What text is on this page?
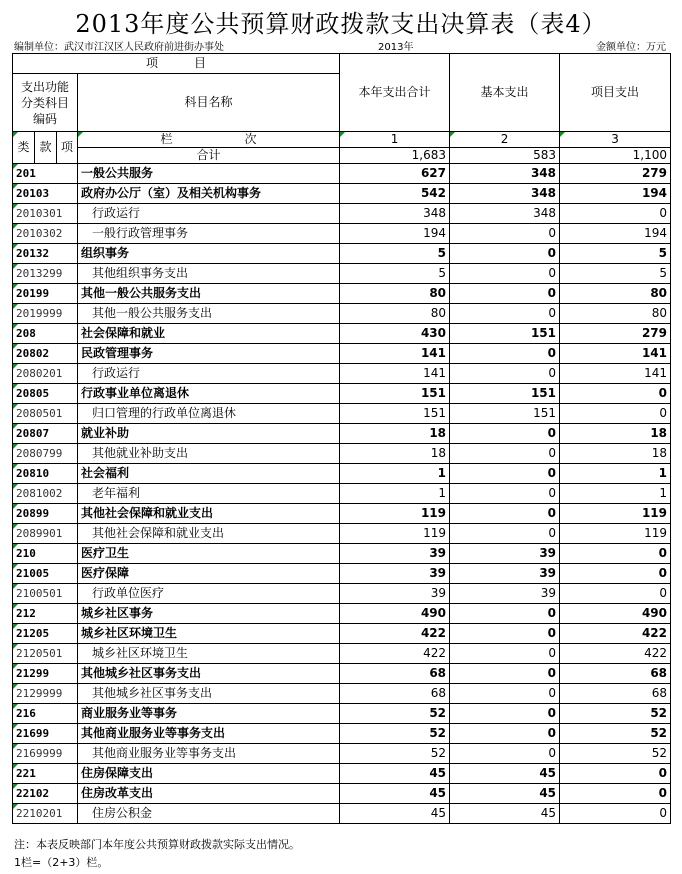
2013年度公共预算财政拨款支出决算表（表4）
编制单位：武汉市江汉区人民政府前进街办事处	2013年	金额单位：万元
项　　　目				本年支出合计	基本支出	项目支出
支出功能分类科目编码			科目名称			

类	款	项	栏　　　　　　次	1	2	3
			合计	1,683	583	1,100
201			一般公共服务	627	348	279
20103			政府办公厅（室）及相关机构事务	542	348	194
2010301			行政运行	348	348	0
2010302			一般行政管理事务	194	0	194
20132			组织事务	5	0	5
2013299			其他组织事务支出	5	0	5
20199			其他一般公共服务支出	80	0	80
2019999			其他一般公共服务支出	80	0	80
208			社会保障和就业	430	151	279
20802			民政管理事务	141	0	141
2080201			行政运行	141	0	141
20805			行政事业单位离退休	151	151	0
2080501			归口管理的行政单位离退休	151	151	0
20807			就业补助	18	0	18
2080799			其他就业补助支出	18	0	18
20810			社会福利	1	0	1
2081002			老年福利	1	0	1
20899			其他社会保障和就业支出	119	0	119
2089901			其他社会保障和就业支出	119	0	119
210			医疗卫生	39	39	0
21005			医疗保障	39	39	0
2100501			行政单位医疗	39	39	0
212			城乡社区事务	490	0	490
21205			城乡社区环境卫生	422	0	422
2120501			城乡社区环境卫生	422	0	422
21299			其他城乡社区事务支出	68	0	68
2129999			其他城乡社区事务支出	68	0	68
216			商业服务业等事务	52	0	52
21699			其他商业服务业等事务支出	52	0	52
2169999			其他商业服务业等事务支出	52	0	52
221			住房保障支出	45	45	0
22102			住房改革支出	45	45	0
2210201			住房公积金	45	45	0
注：本表反映部门本年度公共预算财政拨款实际支出情况。
1栏=（2+3）栏。
